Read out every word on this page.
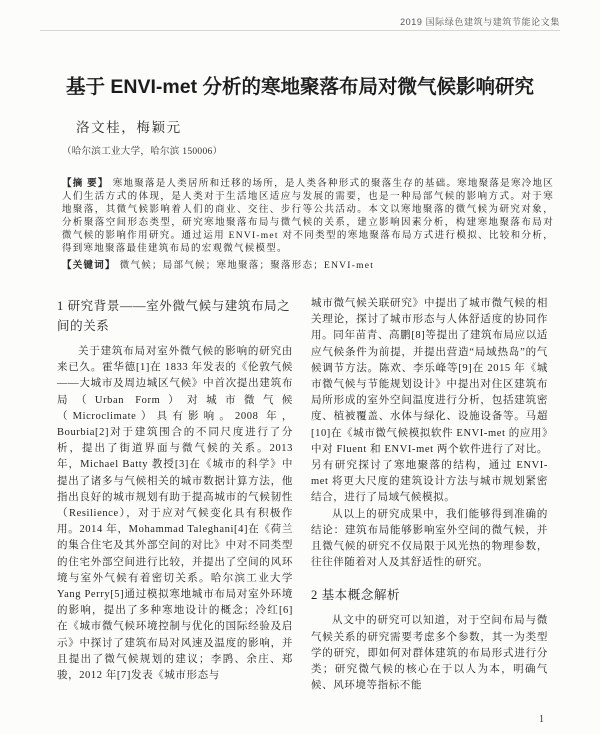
2019 国际绿色建筑与建筑节能论文集
基于 ENVI-met 分析的寒地聚落布局对微气候影响研究
洛文桂，梅颖元
（哈尔滨工业大学，哈尔滨 150006）

【摘 要】 寒地聚落是人类居所和迁移的场所，是人类各种形式的聚落生存的基础。寒地聚落是寒冷地区人们生活方式的体现，是人类对于生活地区适应与发展的需要，也是一种局部气候的影响方式。对于寒地聚落，其微气候影响着人们的商业、交往、步行等公共活动。本文以寒地聚落的微气候为研究对象，分析聚落空间形态类型，研究寒地聚落布局与微气候的关系，建立影响因素分析，构建寒地聚落布局对微气候的影响作用研究。通过运用 ENVI-met 对不同类型的寒地聚落布局方式进行模拟、比较和分析，得到寒地聚落最佳建筑布局的宏观微气候模型。

【关键词】 微气候；局部气候；寒地聚落；聚落形态；ENVI-met

1 研究背景——室外微气候与建筑布局之间的关系

关于建筑布局对室外微气候的影响的研究由来已久。霍华德[1]在 1833 年发表的《伦敦气候——大城市及周边城区气候》中首次提出建筑布局（Urban Form）对城市微气候（Microclimate）具有影响。2008 年，Bourbia[2]对于建筑围合的不同尺度进行了分析，提出了街道界面与微气候的关系。2013 年，Michael Batty 教授[3]在《城市的科学》中提出了诸多与气候相关的城市数据计算方法，他指出良好的城市规划有助于提高城市的气候韧性（Resilience），对于应对气候变化具有积极作用。2014 年，Mohammad Taleghani[4]在《荷兰的集合住宅及其外部空间的对比》中对不同类型的住宅外部空间进行比较，并提出了空间的风环境与室外气候有着密切关系。哈尔滨工业大学 Yang Perry[5]通过模拟寒地城市布局对室外环境的影响，提出了多种寒地设计的概念；冷红[6]在《城市微气候环境控制与优化的国际经验及启示》中探讨了建筑布局对风速及温度的影响，并且提出了微气候规划的建议；李鹍、余庄、郑骏，2012 年[7]发表《城市形态与

城市微气候关联研究》中提出了城市微气候的相关理论，探讨了城市形态与人体舒适度的协同作用。同年苗青、高鹏[8]等提出了建筑布局应以适应气候条件为前提，并提出营造“局域热岛”的气候调节方法。陈欢、李乐峰等[9]在 2015 年《城市微气候与节能规划设计》中提出对住区建筑布局所形成的室外空间温度进行分析，包括建筑密度、植被覆盖、水体与绿化、设施设备等。马超[10]在《城市微气候模拟软件 ENVI-met 的应用》中对 Fluent 和 ENVI-met 两个软件进行了对比。另有研究探讨了寒地聚落的结构，通过 ENVI-met 将更大尺度的建筑设计方法与城市规划紧密结合，进行了局域气候模拟。

从以上的研究成果中，我们能够得到准确的结论：建筑布局能够影响室外空间的微气候，并且微气候的研究不仅局限于风光热的物理参数，往往伴随着对人及其舒适性的研究。

2 基本概念解析

从文中的研究可以知道，对于空间布局与微气候关系的研究需要考虑多个参数，其一为类型学的研究，即如何对群体建筑的布局形式进行分类；研究微气候的核心在于以人为本，明确气候、风环境等指标不能

1
